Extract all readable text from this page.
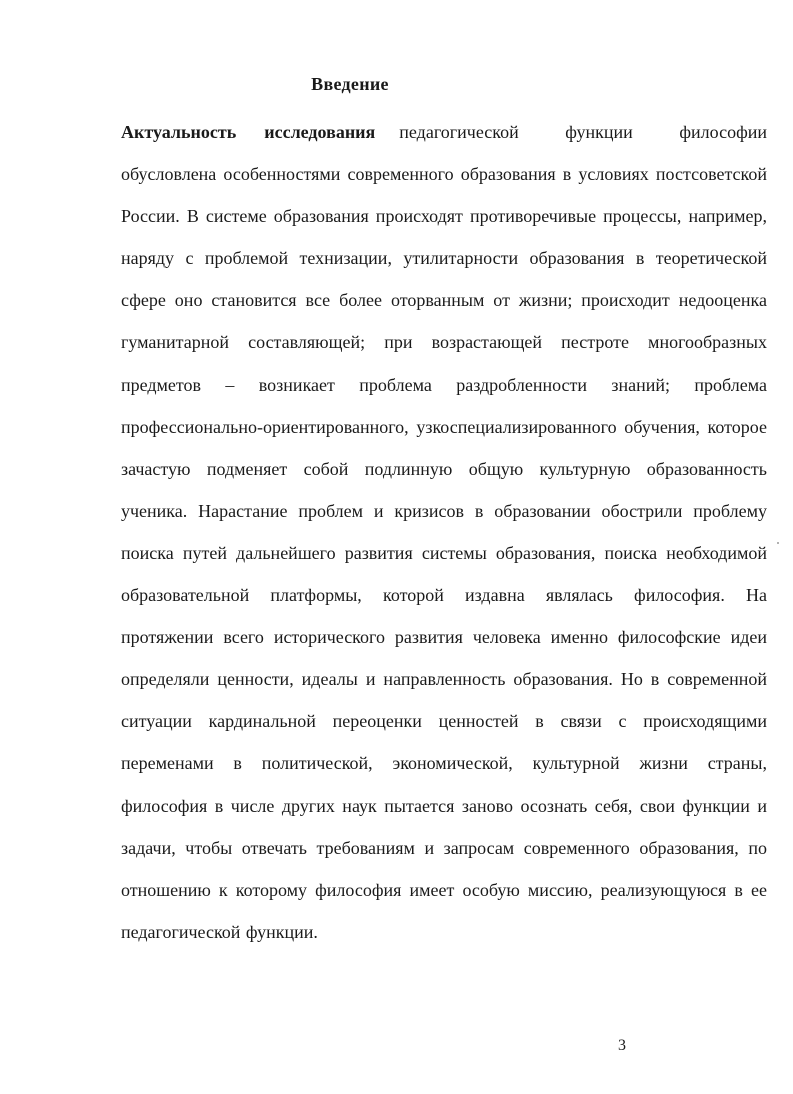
Введение

Актуальность исследования педагогической функции философии обусловлена особенностями современного образования в условиях постсоветской России. В системе образования происходят противоречивые процессы, например, наряду с проблемой технизации, утилитарности образования в теоретической сфере оно становится все более оторванным от жизни; происходит недооценка гуманитарной составляющей; при возрастающей пестроте многообразных предметов – возникает проблема раздробленности знаний; проблема профессионально-ориентированного, узкоспециализированного обучения, которое зачастую подменяет собой подлинную общую культурную образованность ученика. Нарастание проблем и кризисов в образовании обострили проблему поиска путей дальнейшего развития системы образования, поиска необходимой образовательной платформы, которой издавна являлась философия. На протяжении всего исторического развития человека именно философские идеи определяли ценности, идеалы и направленность образования. Но в современной ситуации кардинальной переоценки ценностей в связи с происходящими переменами в политической, экономической, культурной жизни страны, философия в числе других наук пытается заново осознать себя, свои функции и задачи, чтобы отвечать требованиям и запросам современного образования, по отношению к которому философия имеет особую миссию, реализующуюся в ее педагогической функции.

3
